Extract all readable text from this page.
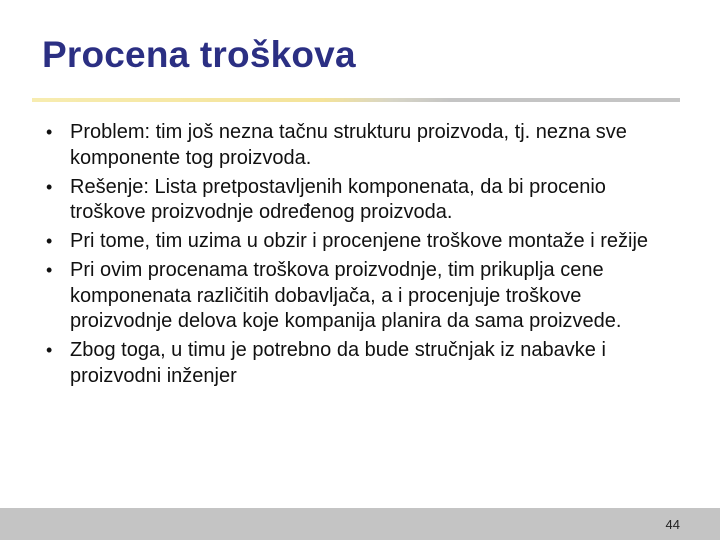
Procena troškova
• Problem: tim još nezna tačnu strukturu proizvoda, tj. nezna sve komponente tog proizvoda.
• Rešenje: Lista pretpostavljenih komponenata, da bi procenio troškove proizvodnje određenog proizvoda.
• Pri tome, tim uzima u obzir i procenjene troškove montaže i režije
• Pri ovim procenama troškova proizvodnje, tim prikuplja cene komponenata različitih dobavljača, a i procenjuje troškove proizvodnje delova koje kompanija planira da sama proizvede.
• Zbog toga, u timu je potrebno da bude stručnjak iz nabavke i proizvodni inženjer
44
